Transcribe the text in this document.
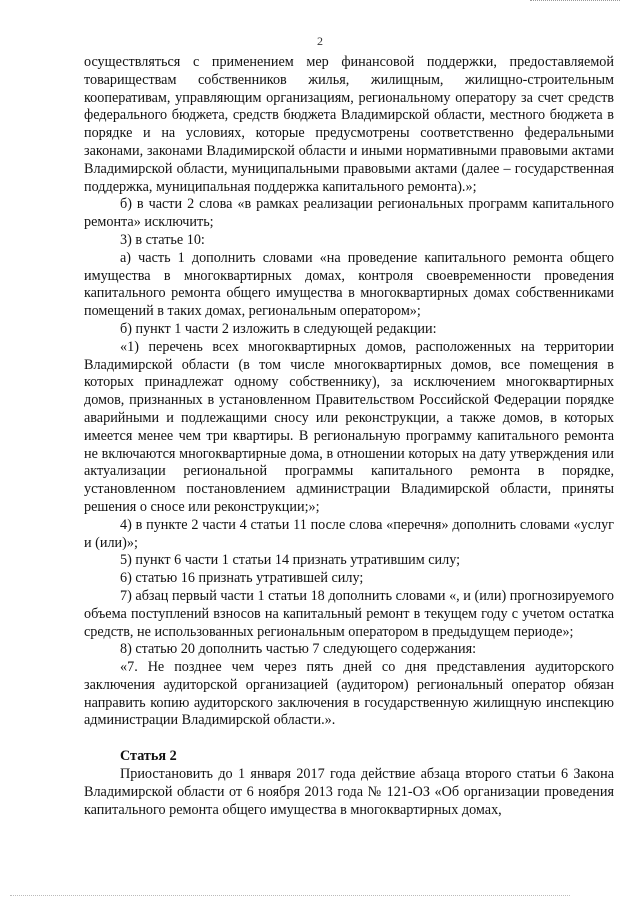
2

осуществляться с применением мер финансовой поддержки, предоставляемой товариществам собственников жилья, жилищным, жилищно-строительным кооперативам, управляющим организациям, региональному оператору за счет средств федерального бюджета, средств бюджета Владимирской области, местного бюджета в порядке и на условиях, которые предусмотрены соответственно федеральными законами, законами Владимирской области и иными нормативными правовыми актами Владимирской области, муниципальными правовыми актами (далее – государственная поддержка, муниципальная поддержка капитального ремонта).»;

б) в части 2 слова «в рамках реализации региональных программ капитального ремонта» исключить;

3) в статье 10:

а) часть 1 дополнить словами «на проведение капитального ремонта общего имущества в многоквартирных домах, контроля своевременности проведения капитального ремонта общего имущества в многоквартирных домах собственниками помещений в таких домах, региональным оператором»;

б) пункт 1 части 2 изложить в следующей редакции:

«1) перечень всех многоквартирных домов, расположенных на территории Владимирской области (в том числе многоквартирных домов, все помещения в которых принадлежат одному собственнику), за исключением многоквартирных домов, признанных в установленном Правительством Российской Федерации порядке аварийными и подлежащими сносу или реконструкции, а также домов, в которых имеется менее чем три квартиры. В региональную программу капитального ремонта не включаются многоквартирные дома, в отношении которых на дату утверждения или актуализации региональной программы капитального ремонта в порядке, установленном постановлением администрации Владимирской области, приняты решения о сносе или реконструкции;»;

4) в пункте 2 части 4 статьи 11 после слова «перечня» дополнить словами «услуг и (или)»;

5) пункт 6 части 1 статьи 14 признать утратившим силу;

6) статью 16 признать утратившей силу;

7) абзац первый части 1 статьи 18 дополнить словами «, и (или) прогнозируемого объема поступлений взносов на капитальный ремонт в текущем году с учетом остатка средств, не использованных региональным оператором в предыдущем периоде»;

8) статью 20 дополнить частью 7 следующего содержания:

«7. Не позднее чем через пять дней со дня представления аудиторского заключения аудиторской организацией (аудитором) региональный оператор обязан направить копию аудиторского заключения в государственную жилищную инспекцию администрации Владимирской области.».

Статья 2

Приостановить до 1 января 2017 года действие абзаца второго статьи 6 Закона Владимирской области от 6 ноября 2013 года № 121-ОЗ «Об организации проведения капитального ремонта общего имущества в многоквартирных домах,
